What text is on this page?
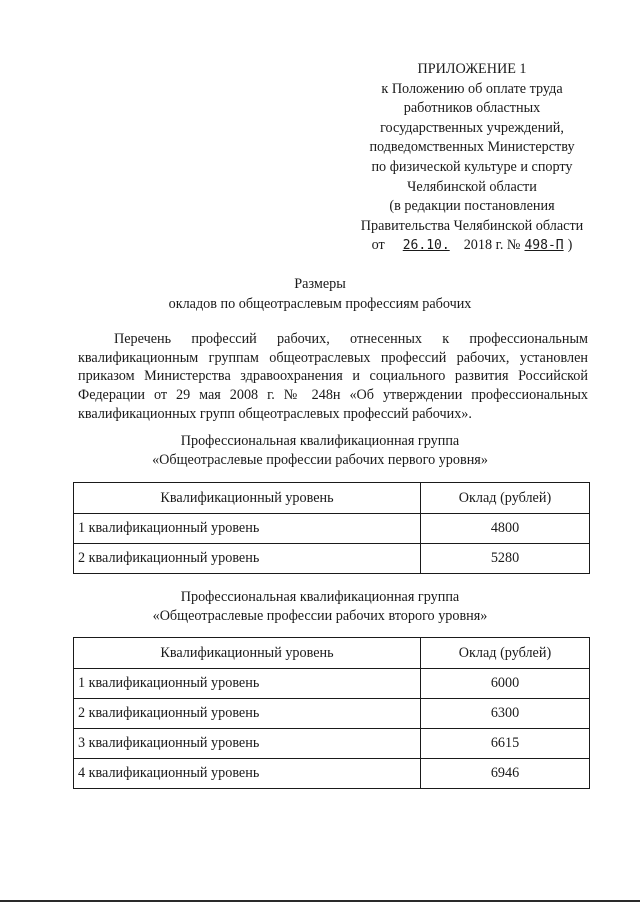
ПРИЛОЖЕНИЕ 1
к Положению об оплате труда
работников областных
государственных учреждений,
подведомственных Министерству
по физической культуре и спорту
Челябинской области
(в редакции постановления
Правительства Челябинской области
от 26.10. 2018 г. № 498-П )
Размеры
окладов по общеотраслевым профессиям рабочих
Перечень профессий рабочих, отнесенных к профессиональным квалификационным группам общеотраслевых профессий рабочих, установлен приказом Министерства здравоохранения и социального развития Российской Федерации от 29 мая 2008 г. № 248н «Об утверждении профессиональных квалификационных групп общеотраслевых профессий рабочих».
Профессиональная квалификационная группа
«Общеотраслевые профессии рабочих первого уровня»
Квалификационный уровень	Оклад (рублей)
1 квалификационный уровень	4800
2 квалификационный уровень	5280
Профессиональная квалификационная группа
«Общеотраслевые профессии рабочих второго уровня»
Квалификационный уровень	Оклад (рублей)
1 квалификационный уровень	6000
2 квалификационный уровень	6300
3 квалификационный уровень	6615
4 квалификационный уровень	6946
